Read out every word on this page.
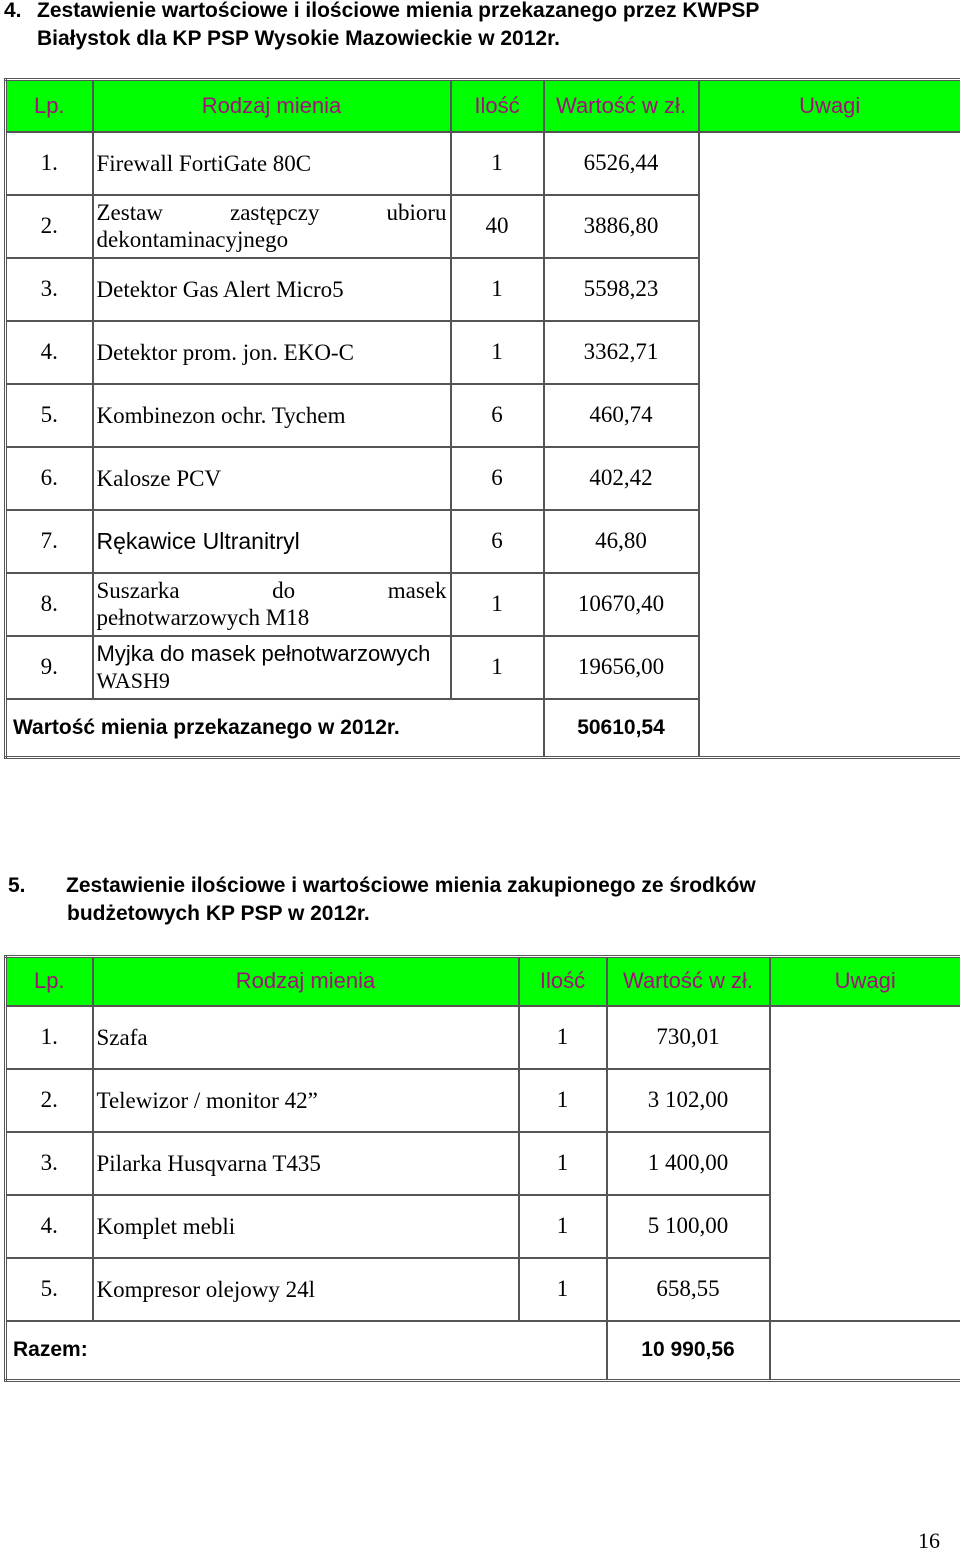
4. Zestawienie wartościowe i ilościowe mienia przekazanego przez KWPSP
Białystok dla KP PSP Wysokie Mazowieckie w 2012r.
Lp.	Rodzaj mienia	Ilość	Wartość w zł.	Uwagi
1.	Firewall FortiGate 80C	1	6526,44	
2.	Zestaw zastępczy ubioru
dekontaminacyjnego	40	3886,80	
3.	Detektor Gas Alert Micro5	1	5598,23	
4.	Detektor prom. jon. EKO-C	1	3362,71	
5.	Kombinezon ochr. Tychem	6	460,74	
6.	Kalosze PCV	6	402,42	
7.	Rękawice Ultranitryl	6	46,80	
8.	Suszarka do masek
pełnotwarzowych M18	1	10670,40	
9.	Myjka do masek pełnotwarzowych
WASH9	1	19656,00	
Wartość mienia przekazanego w 2012r.			50610,54	
5. Zestawienie ilościowe i wartościowe mienia zakupionego ze środków
budżetowych KP PSP w 2012r.
Lp.	Rodzaj mienia	Ilość	Wartość w zł.	Uwagi
1.	Szafa	1	730,01	
2.	Telewizor / monitor 42”	1	3 102,00	
3.	Pilarka Husqvarna T435	1	1 400,00	
4.	Komplet mebli	1	5 100,00	
5.	Kompresor olejowy 24l	1	658,55	
Razem:			10 990,56	
16
